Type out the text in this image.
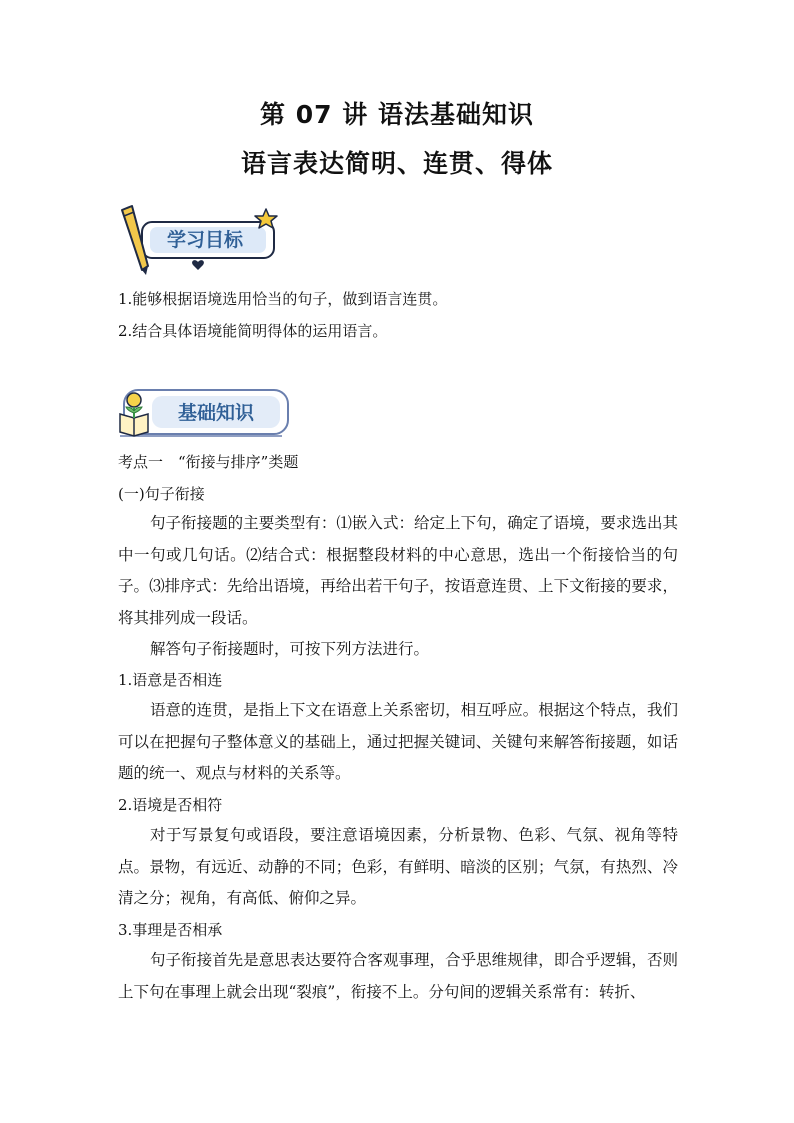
第 07 讲 语法基础知识
语言表达简明、连贯、得体
学习目标
1.能够根据语境选用恰当的句子，做到语言连贯。
2.结合具体语境能简明得体的运用语言。
基础知识
考点一　“衔接与排序”类题
(一)句子衔接
句子衔接题的主要类型有：⑴嵌入式：给定上下句，确定了语境，要求选出其中一句或几句话。⑵结合式：根据整段材料的中心意思，选出一个衔接恰当的句子。⑶排序式：先给出语境，再给出若干句子，按语意连贯、上下文衔接的要求，将其排列成一段话。
解答句子衔接题时，可按下列方法进行。
1.语意是否相连
语意的连贯，是指上下文在语意上关系密切，相互呼应。根据这个特点，我们可以在把握句子整体意义的基础上，通过把握关键词、关键句来解答衔接题，如话题的统一、观点与材料的关系等。
2.语境是否相符
对于写景复句或语段，要注意语境因素，分析景物、色彩、气氛、视角等特点。景物，有远近、动静的不同；色彩，有鲜明、暗淡的区别；气氛，有热烈、冷清之分；视角，有高低、俯仰之异。
3.事理是否相承
句子衔接首先是意思表达要符合客观事理，合乎思维规律，即合乎逻辑，否则上下句在事理上就会出现“裂痕”，衔接不上。分句间的逻辑关系常有：转折、
